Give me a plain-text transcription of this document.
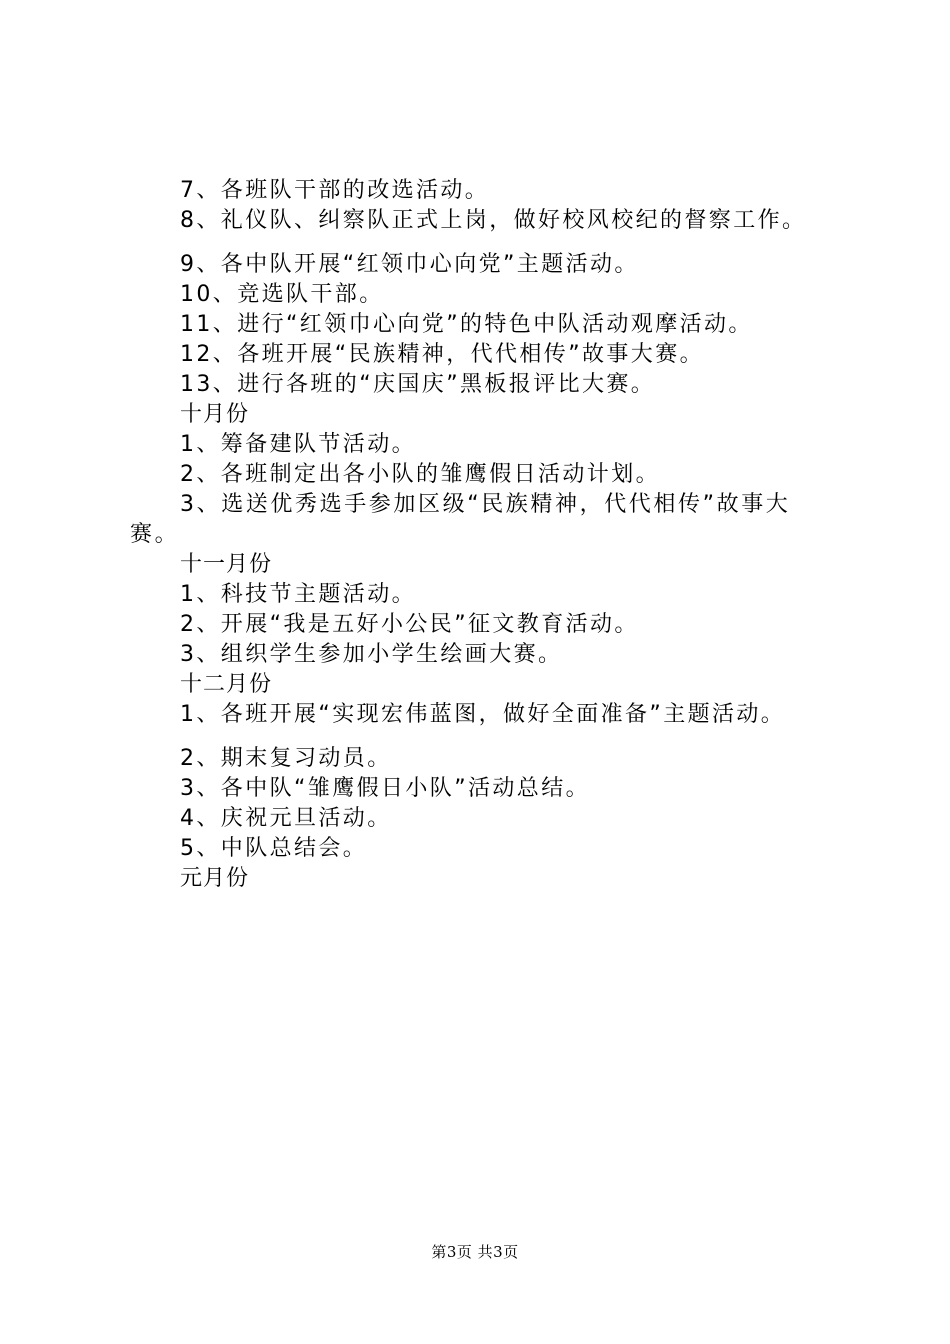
7、各班队干部的改选活动。
8、礼仪队、纠察队正式上岗，做好校风校纪的督察工作。
9、各中队开展“红领巾心向党”主题活动。
10、竞选队干部。
11、进行“红领巾心向党”的特色中队活动观摩活动。
12、各班开展“民族精神，代代相传”故事大赛。
13、进行各班的“庆国庆”黑板报评比大赛。
十月份
1、筹备建队节活动。
2、各班制定出各小队的雏鹰假日活动计划。
3、选送优秀选手参加区级“民族精神，代代相传”故事大赛。
十一月份
1、科技节主题活动。
2、开展“我是五好小公民”征文教育活动。
3、组织学生参加小学生绘画大赛。
十二月份
1、各班开展“实现宏伟蓝图，做好全面准备”主题活动。
2、期末复习动员。
3、各中队“雏鹰假日小队”活动总结。
4、庆祝元旦活动。
5、中队总结会。
元月份
第3页 共3页
